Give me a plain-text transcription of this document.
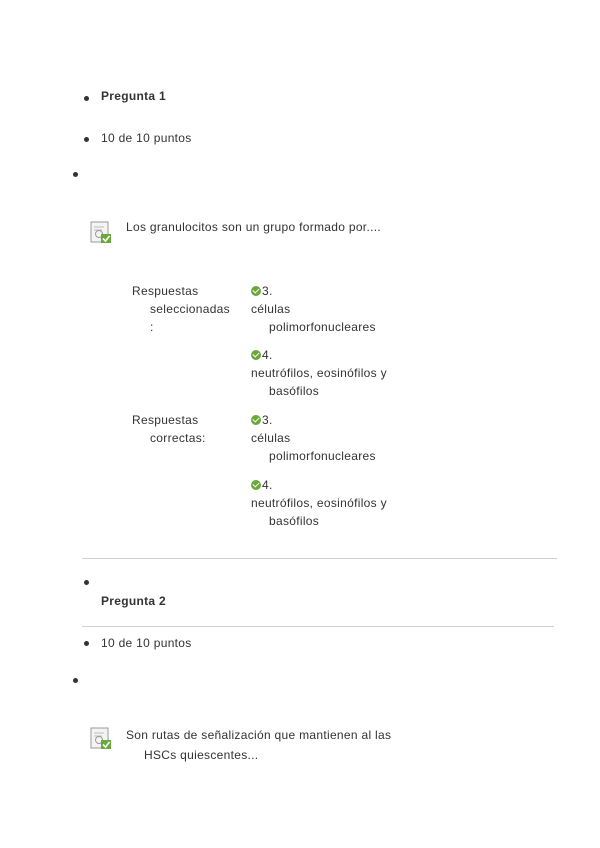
Pregunta 1
10 de 10 puntos
Los granulocitos son un grupo formado por....
Respuestas
seleccionadas
:
3.
células
polimorfonucleares
4.
neutrófilos, eosinófilos y
basófilos
Respuestas
correctas:
3.
células
polimorfonucleares
4.
neutrófilos, eosinófilos y
basófilos
Pregunta 2
10 de 10 puntos
Son rutas de señalización que mantienen al las
HSCs quiescentes...
